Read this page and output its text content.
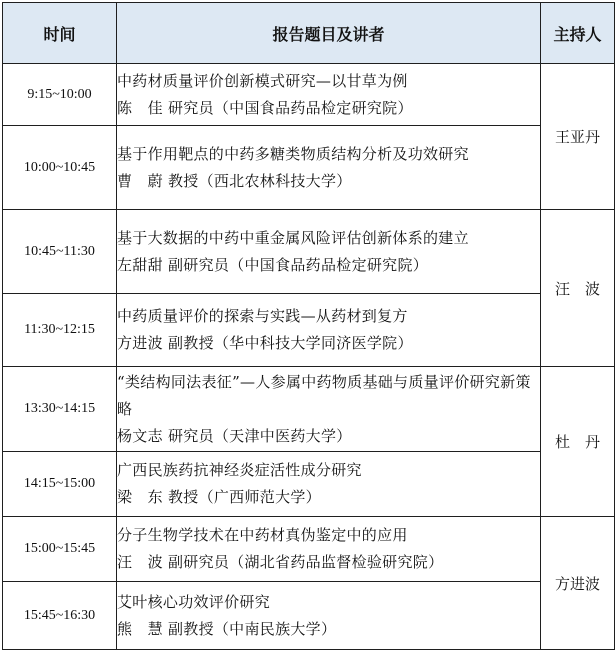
时间	报告题目及讲者	主持人
9:15~10:00	中药材质量评价创新模式研究—以甘草为例
陈　佳 研究员（中国食品药品检定研究院）	王亚丹
10:00~10:45	基于作用靶点的中药多糖类物质结构分析及功效研究
曹　蔚 教授（西北农林科技大学）	

10:45~11:30	基于大数据的中药中重金属风险评估创新体系的建立
左甜甜 副研究员（中国食品药品检定研究院）	汪　波
11:30~12:15	中药质量评价的探索与实践—从药材到复方
方进波 副教授（华中科技大学同济医学院）	

13:30~14:15	“类结构同法表征”—人参属中药物质基础与质量评价研究新策略
杨文志 研究员（天津中医药大学）	杜　丹
14:15~15:00	广西民族药抗神经炎症活性成分研究
梁　东 教授（广西师范大学）	

15:00~15:45	分子生物学技术在中药材真伪鉴定中的应用
汪　波 副研究员（湖北省药品监督检验研究院）	方进波
15:45~16:30	艾叶核心功效评价研究
熊　慧 副教授（中南民族大学）	
